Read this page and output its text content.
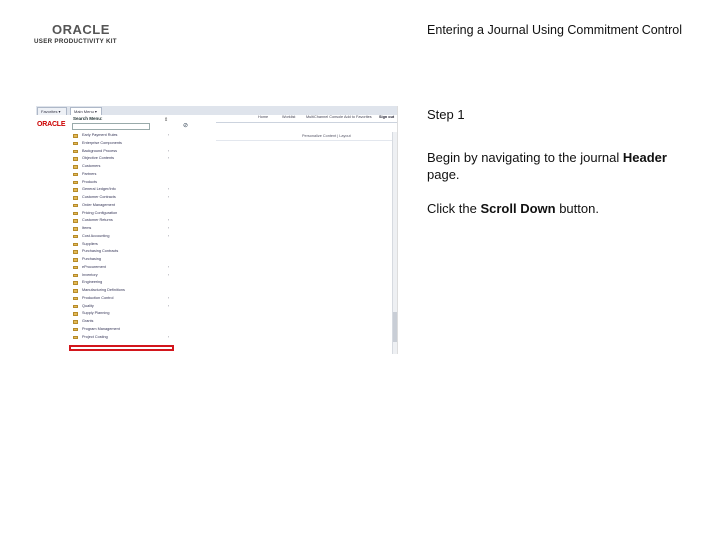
ORACLE
USER PRODUCTIVITY KIT
Entering a Journal Using Commitment Control
Favorites ▾	Main Menu ▾
ORACLE
Search Menu:
⊘
⇕	Home	Worklist	MultiChannel Console Add to Favorites Sign out
Personalize Content | Layout
Early Payment Rules	›
Enterprise Components
Background Process	›
Objective Contents	›
Customers
Partners
Products
General Ledger/Info	›
Customer Contracts	›
Order Management
Pricing Configuration
Customer Returns	›
Items	›
Cost Accounting	›
Suppliers
Purchasing Contracts
Purchasing
eProcurement	›
Inventory	›
Engineering
Manufacturing Definitions
Production Control	›
Quality	›
Supply Planning
Grants
Program Management
Project Costing	›
Step 1
Begin by navigating to the journal Header page.
Click the Scroll Down button.
